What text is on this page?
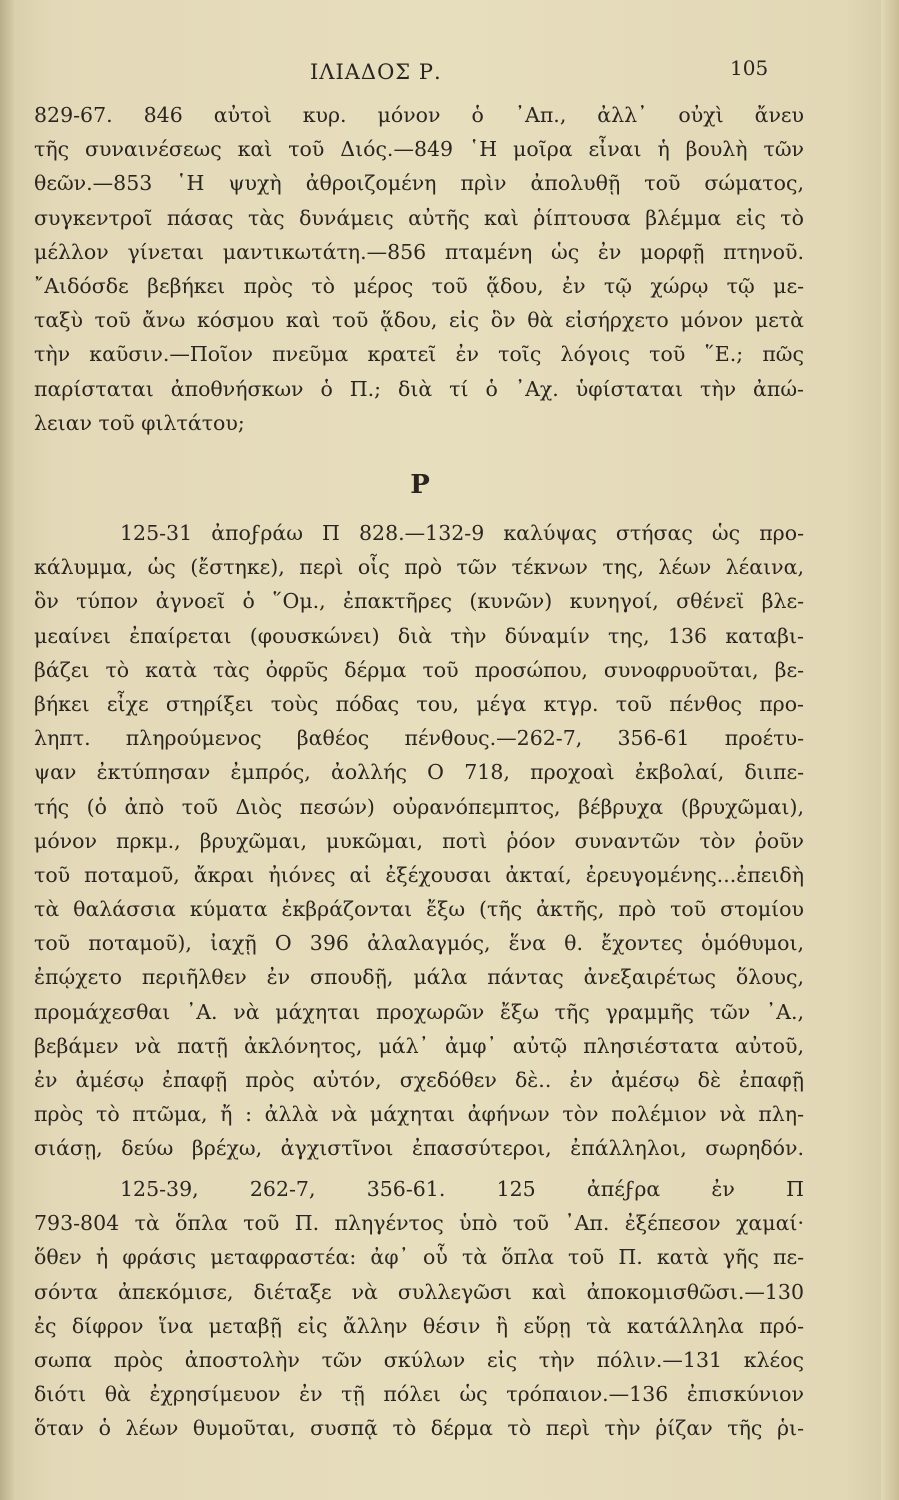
ΙΛΙΑΔΟΣ Ρ.	105
829-67. 846 αὐτοὶ κυρ. μόνον ὁ ᾿Απ., ἀλλ᾽ οὐχὶ ἄνευ
τῆς συναινέσεως καὶ τοῦ Διός.—849 ῾Η μοῖρα εἶναι ἡ βουλὴ τῶν
θεῶν.—853 ῾Η ψυχὴ ἀθροιζομένη πρὶν ἀπολυθῇ τοῦ σώματος,
συγκεντροῖ πάσας τὰς δυνάμεις αὐτῆς καὶ ῥίπτουσα βλέμμα εἰς τὸ
μέλλον γίνεται μαντικωτάτη.—856 πταμένη ὡς ἐν μορφῇ πτηνοῦ.
῎Αιδόσδε βεβήκει πρὸς τὸ μέρος τοῦ ᾅδου, ἐν τῷ χώρῳ τῷ με-
ταξὺ τοῦ ἄνω κόσμου καὶ τοῦ ᾅδου, εἰς ὃν θὰ εἰσήρχετο μόνον μετὰ
τὴν καῦσιν.—Ποῖον πνεῦμα κρατεῖ ἐν τοῖς λόγοις τοῦ ῞Ε.; πῶς
παρίσταται ἀποθνήσκων ὁ Π.; διὰ τί ὁ ᾿Αχ. ὑφίσταται τὴν ἀπώ-
λειαν τοῦ φιλτάτου;
Ρ
125-31 ἀποϝράω Π 828.—132-9 καλύψας στήσας ὡς προ-
κάλυμμα, ὡς (ἔστηκε), περὶ οἷς πρὸ τῶν τέκνων της, λέων λέαινα,
ὃν τύπον ἀγνοεῖ ὁ ῞Ομ., ἐπακτῆρες (κυνῶν) κυνηγοί, σθένεϊ βλε-
μεαίνει ἐπαίρεται (φουσκώνει) διὰ τὴν δύναμίν της, 136 καταβι-
βάζει τὸ κατὰ τὰς ὀφρῦς δέρμα τοῦ προσώπου, συνοφρυοῦται, βε-
βήκει εἶχε στηρίξει τοὺς πόδας του, μέγα κτγρ. τοῦ πένθος προ-
ληπτ. πληρούμενος βαθέος πένθους.—262-7, 356-61 προέτυ-
ψαν ἐκτύπησαν ἐμπρός, ἀολλής Ο 718, προχοαὶ ἐκβολαί, διιπε-
τής (ὁ ἀπὸ τοῦ Διὸς πεσών) οὐρανόπεμπτος, βέβρυχα (βρυχῶμαι),
μόνον πρκμ., βρυχῶμαι, μυκῶμαι, ποτὶ ῥόον συναντῶν τὸν ῥοῦν
τοῦ ποταμοῦ, ἄκραι ἠιόνες αἱ ἐξέχουσαι ἀκταί, ἐρευγομένης...ἐπειδὴ
τὰ θαλάσσια κύματα ἐκβράζονται ἔξω (τῆς ἀκτῆς, πρὸ τοῦ στομίου
τοῦ ποταμοῦ), ἰαχῇ Ο 396 ἀλαλαγμός, ἕνα θ. ἔχοντες ὁμόθυμοι,
ἐπῴχετο περιῆλθεν ἐν σπουδῇ, μάλα πάντας ἀνεξαιρέτως ὅλους,
προμάχεσθαι ᾽Α. νὰ μάχηται προχωρῶν ἔξω τῆς γραμμῆς τῶν ᾽Α.,
βεβάμεν νὰ πατῇ ἀκλόνητος, μάλ᾽ ἀμφ᾽ αὐτῷ πλησιέστατα αὐτοῦ,
ἐν ἀμέσῳ ἐπαφῇ πρὸς αὐτόν, σχεδόθεν δὲ.. ἐν ἀμέσῳ δὲ ἐπαφῇ
πρὸς τὸ πτῶμα, ἤ : ἀλλὰ νὰ μάχηται ἀφήνων τὸν πολέμιον νὰ πλη-
σιάσῃ, δεύω βρέχω, ἀγχιστῖνοι ἐπασσύτεροι, ἐπάλληλοι, σωρηδόν.
125-39, 262-7, 356-61. 125 ἀπέϝρα ἐν Π
793-804 τὰ ὅπλα τοῦ Π. πληγέντος ὑπὸ τοῦ ᾽Απ. ἐξέπεσον χαμαί·
ὅθεν ἡ φράσις μεταφραστέα: ἀφ᾽ οὗ τὰ ὅπλα τοῦ Π. κατὰ γῆς πε-
σόντα ἀπεκόμισε, διέταξε νὰ συλλεγῶσι καὶ ἀποκομισθῶσι.—130
ἐς δίφρον ἵνα μεταβῇ εἰς ἄλλην θέσιν ἢ εὕρῃ τὰ κατάλληλα πρό-
σωπα πρὸς ἀποστολὴν τῶν σκύλων εἰς τὴν πόλιν.—131 κλέος
διότι θὰ ἐχρησίμευον ἐν τῇ πόλει ὡς τρόπαιον.—136 ἐπισκύνιον
ὅταν ὁ λέων θυμοῦται, συσπᾷ τὸ δέρμα τὸ περὶ τὴν ῥίζαν τῆς ῥι-
